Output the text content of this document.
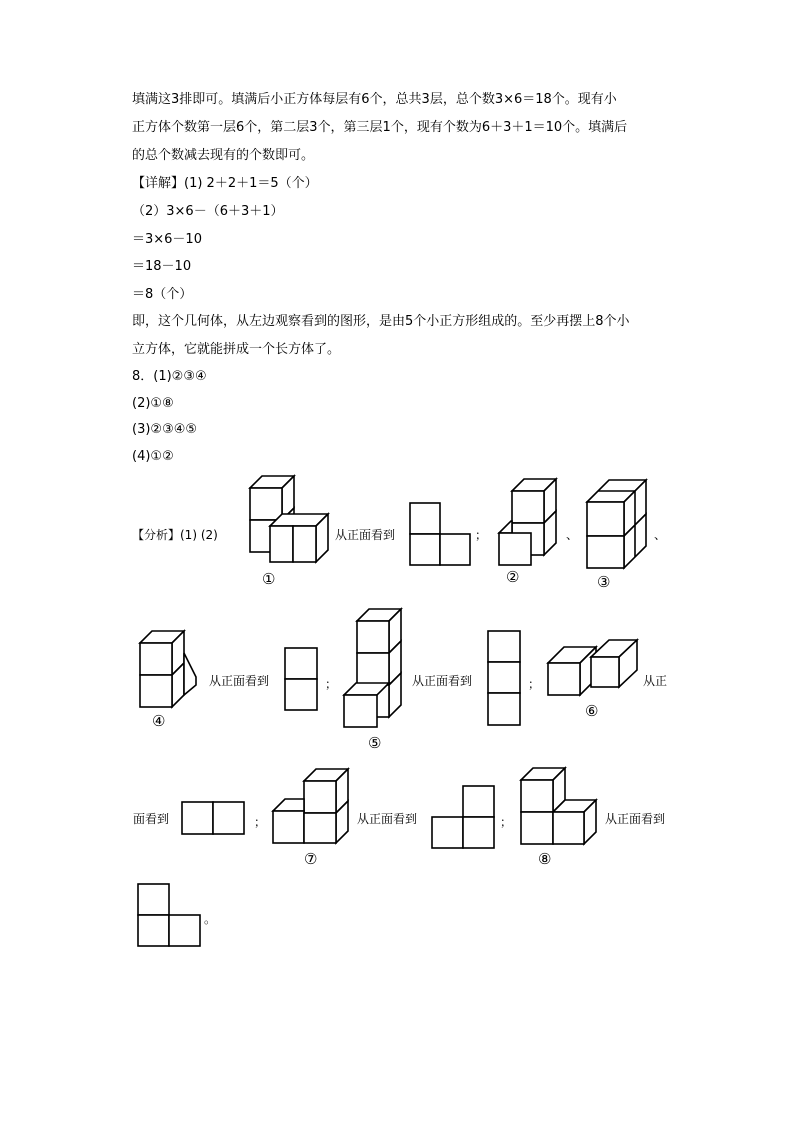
填满这3排即可。填满后小正方体每层有6个，总共3层，总个数3×6＝18个。现有小
正方体个数第一层6个，第二层3个，第三层1个，现有个数为6＋3＋1＝10个。填满后
的总个数减去现有的个数即可。
【详解】(1) 2＋2＋1＝5（个）
（2）3×6－（6＋3＋1）
＝3×6－10
＝18－10
＝8（个）
即，这个几何体，从左边观察看到的图形，是由5个小正方形组成的。至少再摆上8个小
立方体，它就能拼成一个长方体了。
8．(1)②③④
(2)①⑧
(3)②③④⑤
(4)①②
【分析】(1) (2)
①
从正面看到	；
②
、
③
、
④
从正面看到	；
⑤
从正面看到	；
⑥
从正
面看到	；
⑦
从正面看到	；
⑧
从正面看到
。
